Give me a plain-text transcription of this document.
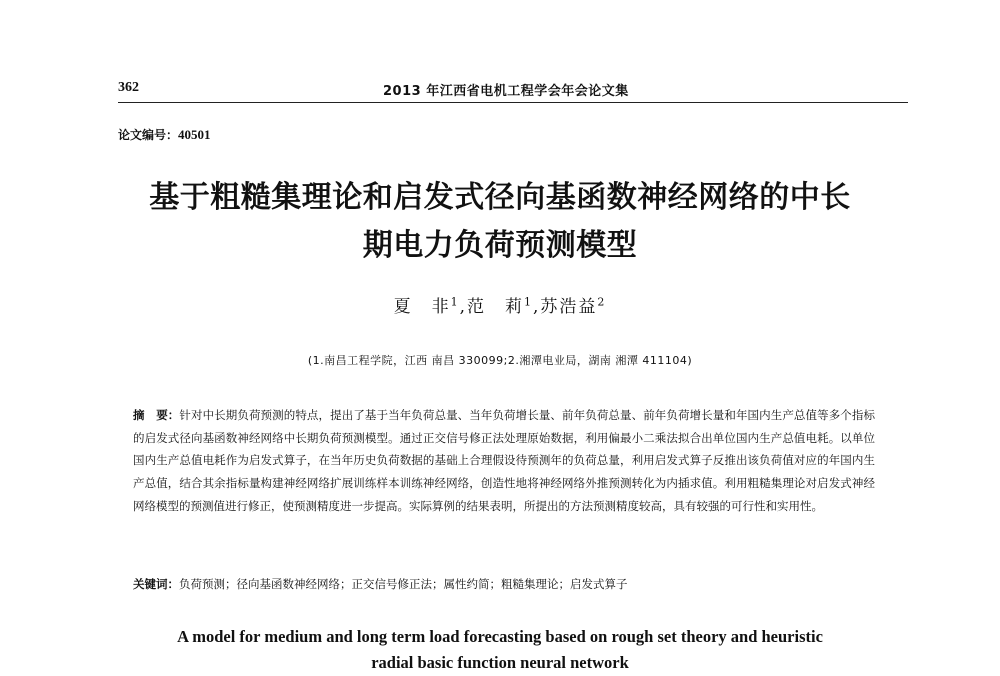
362	2013 年江西省电机工程学会年会论文集
论文编号：40501
基于粗糙集理论和启发式径向基函数神经网络的中长
期电力负荷预测模型
夏　非$^1$,范　莉$^1$,苏浩益$^2$
(1.南昌工程学院，江西 南昌 330099;2.湘潭电业局，湖南 湘潭 411104)
摘　要：针对中长期负荷预测的特点，提出了基于当年负荷总量、当年负荷增长量、前年负荷总量、前年负荷增长量和年国内生产总值等多个指标的启发式径向基函数神经网络中长期负荷预测模型。通过正交信号修正法处理原始数据，利用偏最小二乘法拟合出单位国内生产总值电耗。以单位国内生产总值电耗作为启发式算子，在当年历史负荷数据的基础上合理假设待预测年的负荷总量，利用启发式算子反推出该负荷值对应的年国内生产总值，结合其余指标量构建神经网络扩展训练样本训练神经网络，创造性地将神经网络外推预测转化为内插求值。利用粗糙集理论对启发式神经网络模型的预测值进行修正，使预测精度进一步提高。实际算例的结果表明，所提出的方法预测精度较高，具有较强的可行性和实用性。
关键词：负荷预测；径向基函数神经网络；正交信号修正法；属性约简；粗糙集理论；启发式算子
A model for medium and long term load forecasting based on rough set theory and heuristic
radial basic function neural network
